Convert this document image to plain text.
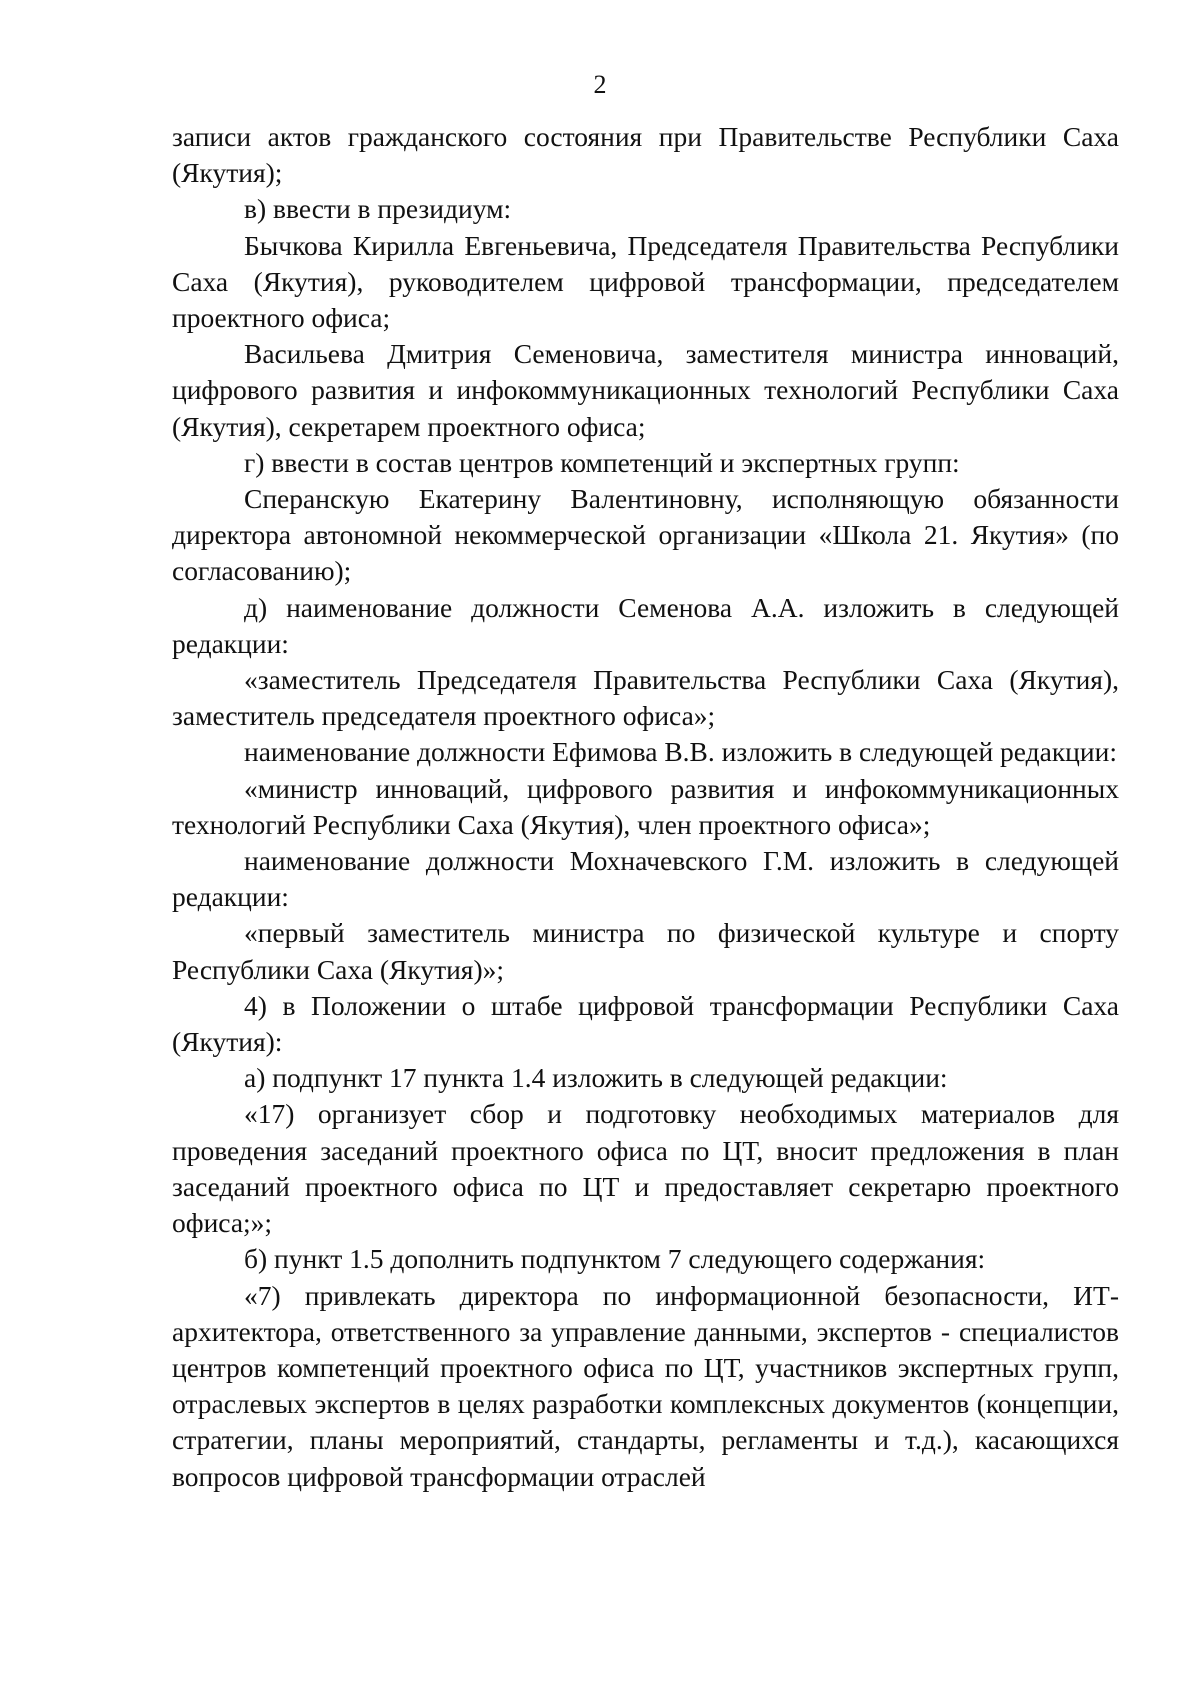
2

записи актов гражданского состояния при Правительстве Республики Саха (Якутия);

в) ввести в президиум:

Бычкова Кирилла Евгеньевича, Председателя Правительства Республики Саха (Якутия), руководителем цифровой трансформации, председателем проектного офиса;

Васильева Дмитрия Семеновича, заместителя министра инноваций, цифрового развития и инфокоммуникационных технологий Республики Саха (Якутия), секретарем проектного офиса;

г) ввести в состав центров компетенций и экспертных групп:

Сперанскую Екатерину Валентиновну, исполняющую обязанности директора автономной некоммерческой организации «Школа 21. Якутия» (по согласованию);

д) наименование должности Семенова А.А. изложить в следующей редакции:

«заместитель Председателя Правительства Республики Саха (Якутия), заместитель председателя проектного офиса»;

наименование должности Ефимова В.В. изложить в следующей редакции:

«министр инноваций, цифрового развития и инфокоммуникационных технологий Республики Саха (Якутия), член проектного офиса»;

наименование должности Мохначевского Г.М. изложить в следующей редакции:

«первый заместитель министра по физической культуре и спорту Республики Саха (Якутия)»;

4) в Положении о штабе цифровой трансформации Республики Саха (Якутия):

а) подпункт 17 пункта 1.4 изложить в следующей редакции:

«17) организует сбор и подготовку необходимых материалов для проведения заседаний проектного офиса по ЦТ, вносит предложения в план заседаний проектного офиса по ЦТ и предоставляет секретарю проектного офиса;»;

б) пункт 1.5 дополнить подпунктом 7 следующего содержания:

«7) привлекать директора по информационной безопасности, ИТ-архитектора, ответственного за управление данными, экспертов - специалистов центров компетенций проектного офиса по ЦТ, участников экспертных групп, отраслевых экспертов в целях разработки комплексных документов (концепции, стратегии, планы мероприятий, стандарты, регламенты и т.д.), касающихся вопросов цифровой трансформации отраслей
